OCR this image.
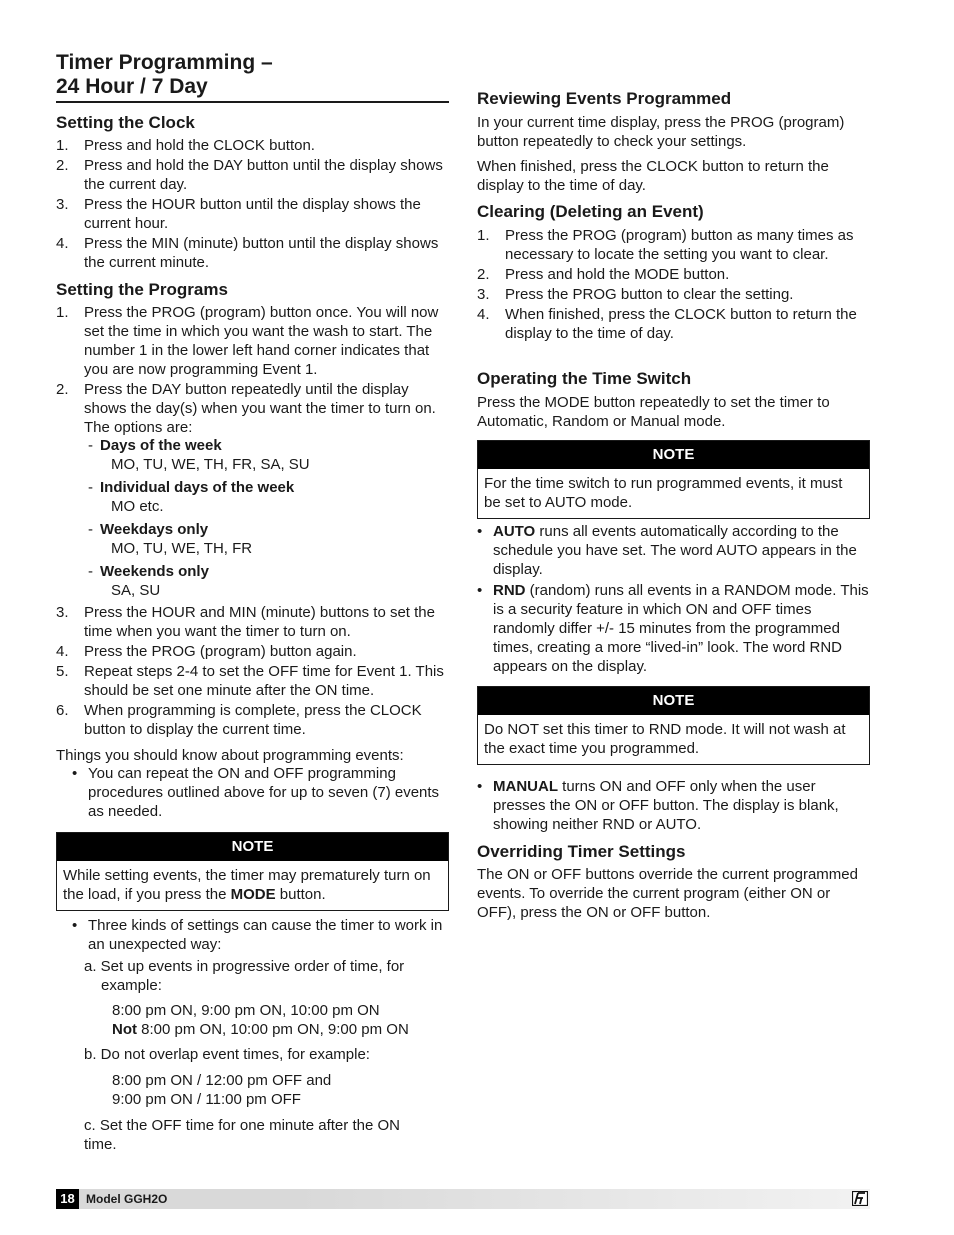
Timer Programming –
24 Hour / 7 Day
Setting the Clock
1. Press and hold the CLOCK button.
2. Press and hold the DAY button until the display shows the current day.
3. Press the HOUR button until the display shows the current hour.
4. Press the MIN (minute) button until the display shows the current minute.
Setting the Programs
1. Press the PROG (program) button once. You will now set the time in which you want the wash to start. The number 1 in the lower left hand corner indicates that you are now programming Event 1.
2. Press the DAY button repeatedly until the display shows the day(s) when you want the timer to turn on. The options are:
- Days of the week
MO, TU, WE, TH, FR, SA, SU
- Individual days of the week
MO etc.
- Weekdays only
MO, TU, WE, TH, FR
- Weekends only
SA, SU
3. Press the HOUR and MIN (minute) buttons to set the time when you want the timer to turn on.
4. Press the PROG (program) button again.
5. Repeat steps 2-4 to set the OFF time for Event 1. This should be set one minute after the ON time.
6. When programming is complete, press the CLOCK button to display the current time.
Things you should know about programming events:
• You can repeat the ON and OFF programming procedures outlined above for up to seven (7) events as needed.
NOTE
While setting events, the timer may prematurely turn on the load, if you press the MODE button.
• Three kinds of settings can cause the timer to work in an unexpected way:
a. Set up events in progressive order of time, for example:
8:00 pm ON, 9:00 pm ON, 10:00 pm ON
Not 8:00 pm ON, 10:00 pm ON, 9:00 pm ON
b. Do not overlap event times, for example:
8:00 pm ON / 12:00 pm OFF and
9:00 pm ON / 11:00 pm OFF
c. Set the OFF time for one minute after the ON time.
Reviewing Events Programmed
In your current time display, press the PROG (program) button repeatedly to check your settings.
When finished, press the CLOCK button to return the display to the time of day.
Clearing (Deleting an Event)
1. Press the PROG (program) button as many times as necessary to locate the setting you want to clear.
2. Press and hold the MODE button.
3. Press the PROG button to clear the setting.
4. When finished, press the CLOCK button to return the display to the time of day.
Operating the Time Switch
Press the MODE button repeatedly to set the timer to Automatic, Random or Manual mode.
NOTE
For the time switch to run programmed events, it must be set to AUTO mode.
• AUTO runs all events automatically according to the schedule you have set. The word AUTO appears in the display.
• RND (random) runs all events in a RANDOM mode. This is a security feature in which ON and OFF times randomly differ +/- 15 minutes from the programmed times, creating a more “lived-in” look. The word RND appears on the display.
NOTE
Do NOT set this timer to RND mode. It will not wash at the exact time you programmed.
• MANUAL turns ON and OFF only when the user presses the ON or OFF button. The display is blank, showing neither RND or AUTO.
Overriding Timer Settings
The ON or OFF buttons override the current programmed events. To override the current program (either ON or OFF), press the ON or OFF button.
18 Model GGH2O
